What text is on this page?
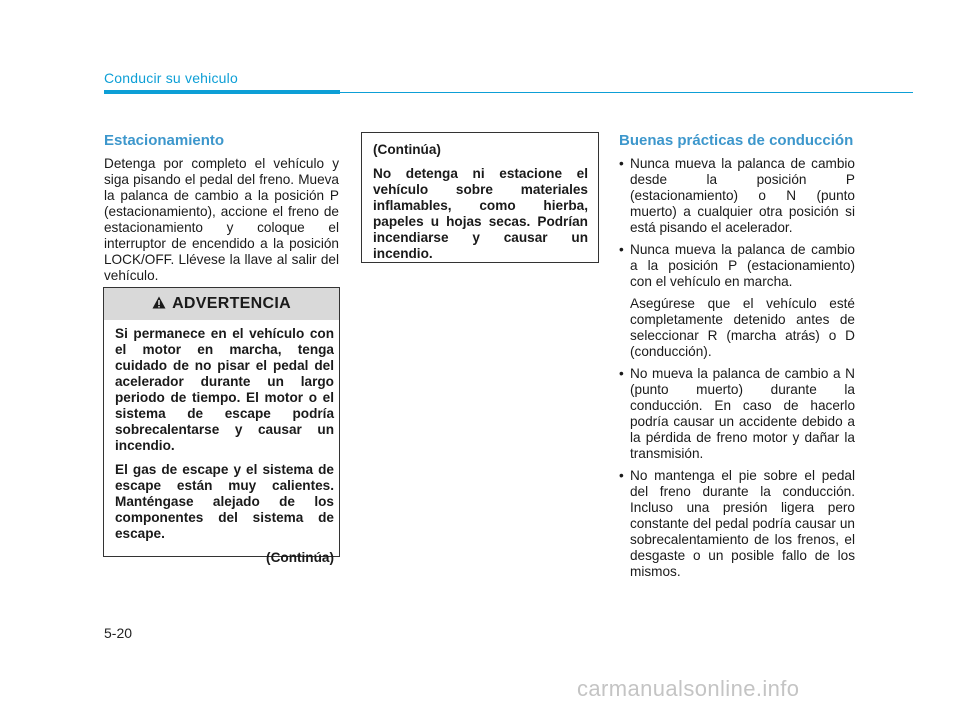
Conducir su vehiculo
Estacionamiento

Detenga por completo el vehículo y siga pisando el pedal del freno. Mueva la palanca de cambio a la posición P (estacionamiento), accione el freno de estacionamiento y coloque el interruptor de encendido a la posición LOCK/OFF. Llévese la llave al salir del vehículo.

ADVERTENCIA

Si permanece en el vehículo con el motor en marcha, tenga cuidado de no pisar el pedal del acelerador durante un largo periodo de tiempo. El motor o el sistema de escape podría sobrecalentarse y causar un incendio.

El gas de escape y el sistema de escape están muy calientes. Manténgase alejado de los componentes del sistema de escape.

(Continúa)

(Continúa)

No detenga ni estacione el vehículo sobre materiales inflamables, como hierba, papeles u hojas secas. Podrían incendiarse y causar un incendio.

Buenas prácticas de conducción
• Nunca mueva la palanca de cambio desde la posición P (estacionamiento) o N (punto muerto) a cualquier otra posición si está pisando el acelerador.

• Nunca mueva la palanca de cambio a la posición P (estacionamiento) con el vehículo en marcha.

Asegúrese que el vehículo esté completamente detenido antes de seleccionar R (marcha atrás) o D (conducción).

• No mueva la palanca de cambio a N (punto muerto) durante la conducción. En caso de hacerlo podría causar un accidente debido a la pérdida de freno motor y dañar la transmisión.

• No mantenga el pie sobre el pedal del freno durante la conducción. Incluso una presión ligera pero constante del pedal podría causar un sobrecalentamiento de los frenos, el desgaste o un posible fallo de los mismos.

5-20
carmanualsonline.info
